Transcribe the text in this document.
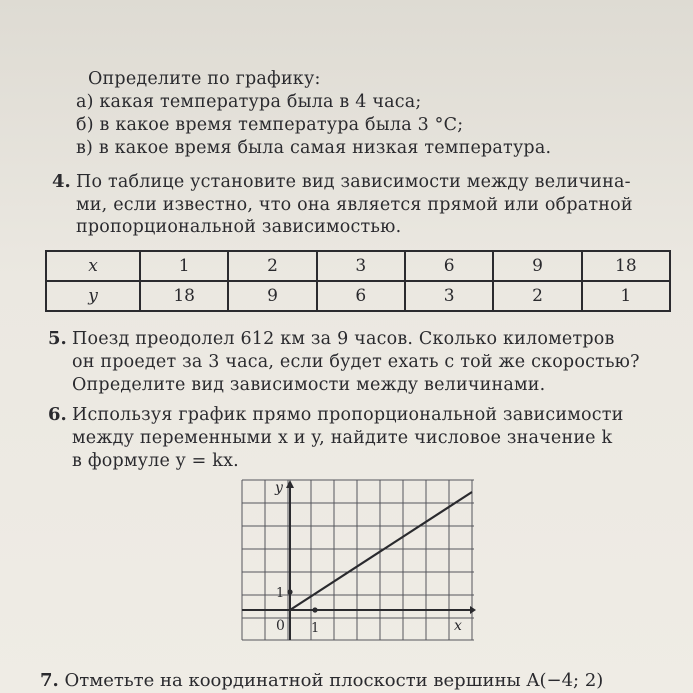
Определите по графику:
а) какая температура была в 4 часа;
б) в какое время температура была 3 °С;
в) в какое время была самая низкая температура.
4. По таблице установите вид зависимости между величина-
ми, если известно, что она является прямой или обратной
пропорциональной зависимостью.
x	1	2	3	6	9	18
y	18	9	6	3	2	1
5. Поезд преодолел 612 км за 9 часов. Сколько километров
он проедет за 3 часа, если будет ехать с той же скоростью?
Определите вид зависимости между величинами.
6. Используя график прямо пропорциональной зависимости
между переменными x и y, найдите числовое значение k
в формуле y = kx.
y
x
0 1
1
7. Отметьте на координатной плоскости вершины A(−4; 2)
